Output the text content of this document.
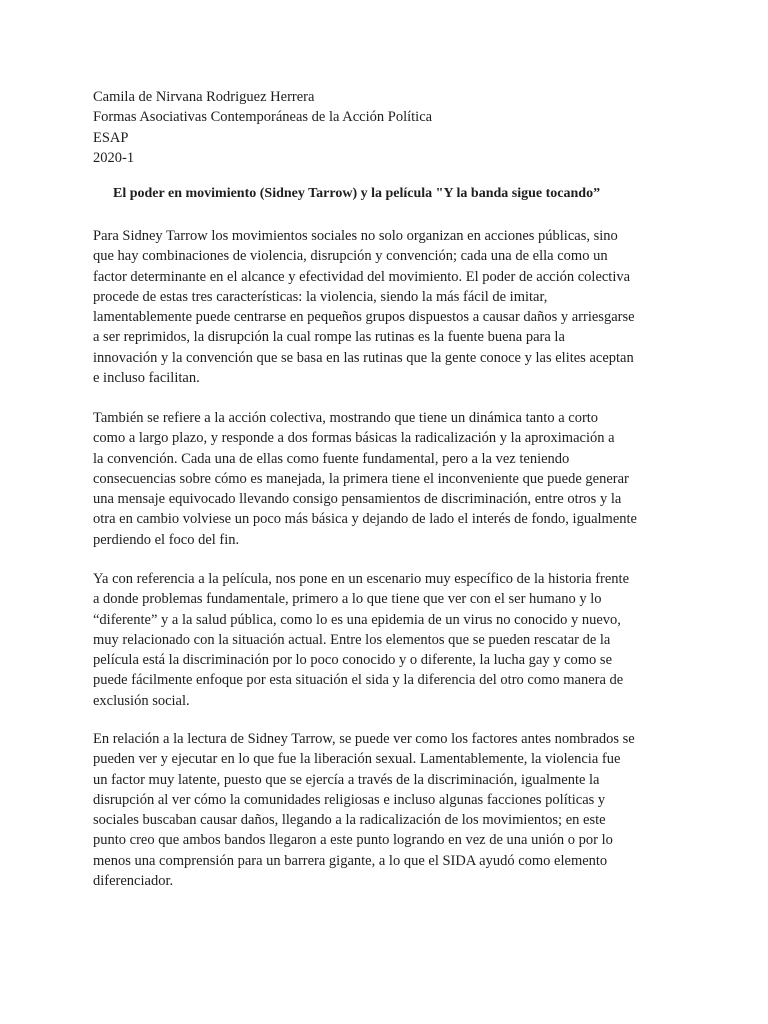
Camila de Nirvana Rodriguez Herrera
Formas Asociativas Contemporáneas de la Acción Política
ESAP
2020-1
El poder en movimiento (Sidney Tarrow) y la película "Y la banda sigue tocando”
Para Sidney Tarrow los movimientos sociales no solo organizan en acciones públicas, sino
que hay combinaciones de violencia, disrupción y convención; cada una de ella como un
factor determinante en el alcance y efectividad del movimiento. El poder de acción colectiva
procede de estas tres características: la violencia, siendo la más fácil de imitar,
lamentablemente puede centrarse en pequeños grupos dispuestos a causar daños y arriesgarse
a ser reprimidos, la disrupción la cual rompe las rutinas es la fuente buena para la
innovación y la convención que se basa en las rutinas que la gente conoce y las elites aceptan
e incluso facilitan.
También se refiere a la acción colectiva, mostrando que tiene un dinámica tanto a corto
como a largo plazo, y responde a dos formas básicas la radicalización y la aproximación a
la convención. Cada una de ellas como fuente fundamental, pero a la vez teniendo
consecuencias sobre cómo es manejada, la primera tiene el inconveniente que puede generar
una mensaje equivocado llevando consigo pensamientos de discriminación, entre otros y la
otra en cambio volviese un poco más básica y dejando de lado el interés de fondo, igualmente
perdiendo el foco del fin.
Ya con referencia a la película, nos pone en un escenario muy específico de la historia frente
a donde problemas fundamentale, primero a lo que tiene que ver con el ser humano y lo
“diferente” y a la salud pública, como lo es una epidemia de un virus no conocido y nuevo,
muy relacionado con la situación actual. Entre los elementos que se pueden rescatar de la
película está la discriminación por lo poco conocido y o diferente, la lucha gay y como se
puede fácilmente enfoque por esta situación el sida y la diferencia del otro como manera de
exclusión social.
En relación a la lectura de Sidney Tarrow, se puede ver como los factores antes nombrados se
pueden ver y ejecutar en lo que fue la liberación sexual. Lamentablemente, la violencia fue
un factor muy latente, puesto que se ejercía a través de la discriminación, igualmente la
disrupción al ver cómo la comunidades religiosas e incluso algunas facciones políticas y
sociales buscaban causar daños, llegando a la radicalización de los movimientos; en este
punto creo que ambos bandos llegaron a este punto logrando en vez de una unión o por lo
menos una comprensión para un barrera gigante, a lo que el SIDA ayudó como elemento
diferenciador.
